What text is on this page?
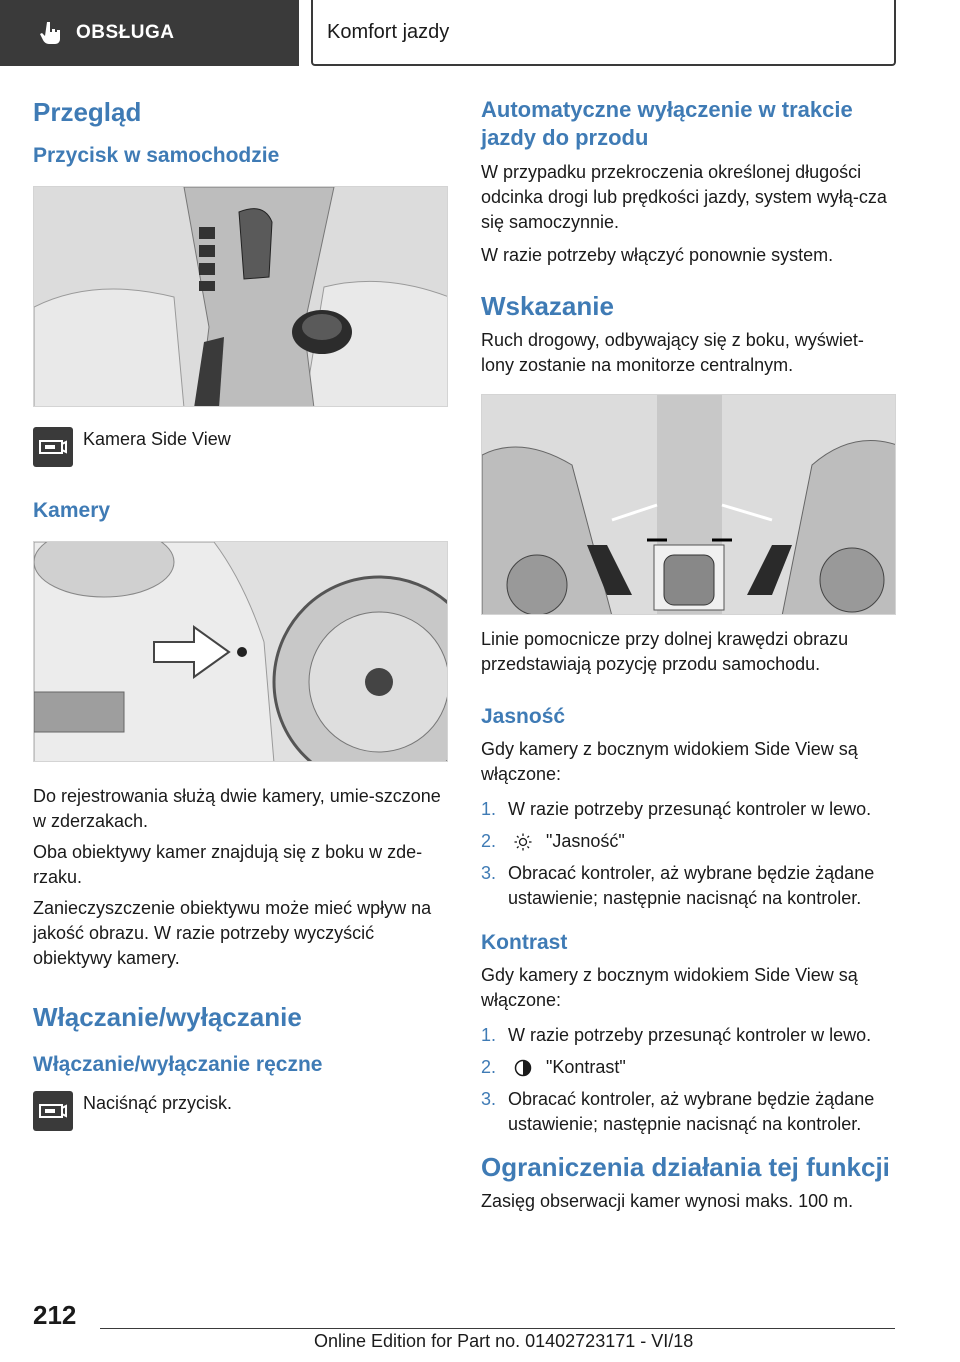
OBSŁUGA	Komfort jazdy
Przegląd
Przycisk w samochodzie

Kamera Side View

Kamery

Do rejestrowania służą dwie kamery, umie-szczone w zderzakach.

Oba obiektywy kamer znajdują się z boku w zde-rzaku.

Zanieczyszczenie obiektywu może mieć wpływ na jakość obrazu. W razie potrzeby wyczyścić obiektywy kamery.

Włączanie/wyłączanie
Włączanie/wyłączanie ręczne

Naciśnąć przycisk.

Automatyczne wyłączenie w trakcie jazdy do przodu

W przypadku przekroczenia określonej długości odcinka drogi lub prędkości jazdy, system wyłą-cza się samoczynnie.

W razie potrzeby włączyć ponownie system.

Wskazanie

Ruch drogowy, odbywający się z boku, wyświet-lony zostanie na monitorze centralnym.

Linie pomocnicze przy dolnej krawędzi obrazu przedstawiają pozycję przodu samochodu.

Jasność

Gdy kamery z bocznym widokiem Side View są włączone:

1. W razie potrzeby przesunąć kontroler w lewo.
2.	"Jasność"
3. Obracać kontroler, aż wybrane będzie żądane ustawienie; następnie nacisnąć na kontroler.
Kontrast

Gdy kamery z bocznym widokiem Side View są włączone:

1. W razie potrzeby przesunąć kontroler w lewo.
2.	"Kontrast"
3. Obracać kontroler, aż wybrane będzie żądane ustawienie; następnie nacisnąć na kontroler.
Ograniczenia działania tej funkcji

Zasięg obserwacji kamer wynosi maks. 100 m.

212
Online Edition for Part no. 01402723171 - VI/18
